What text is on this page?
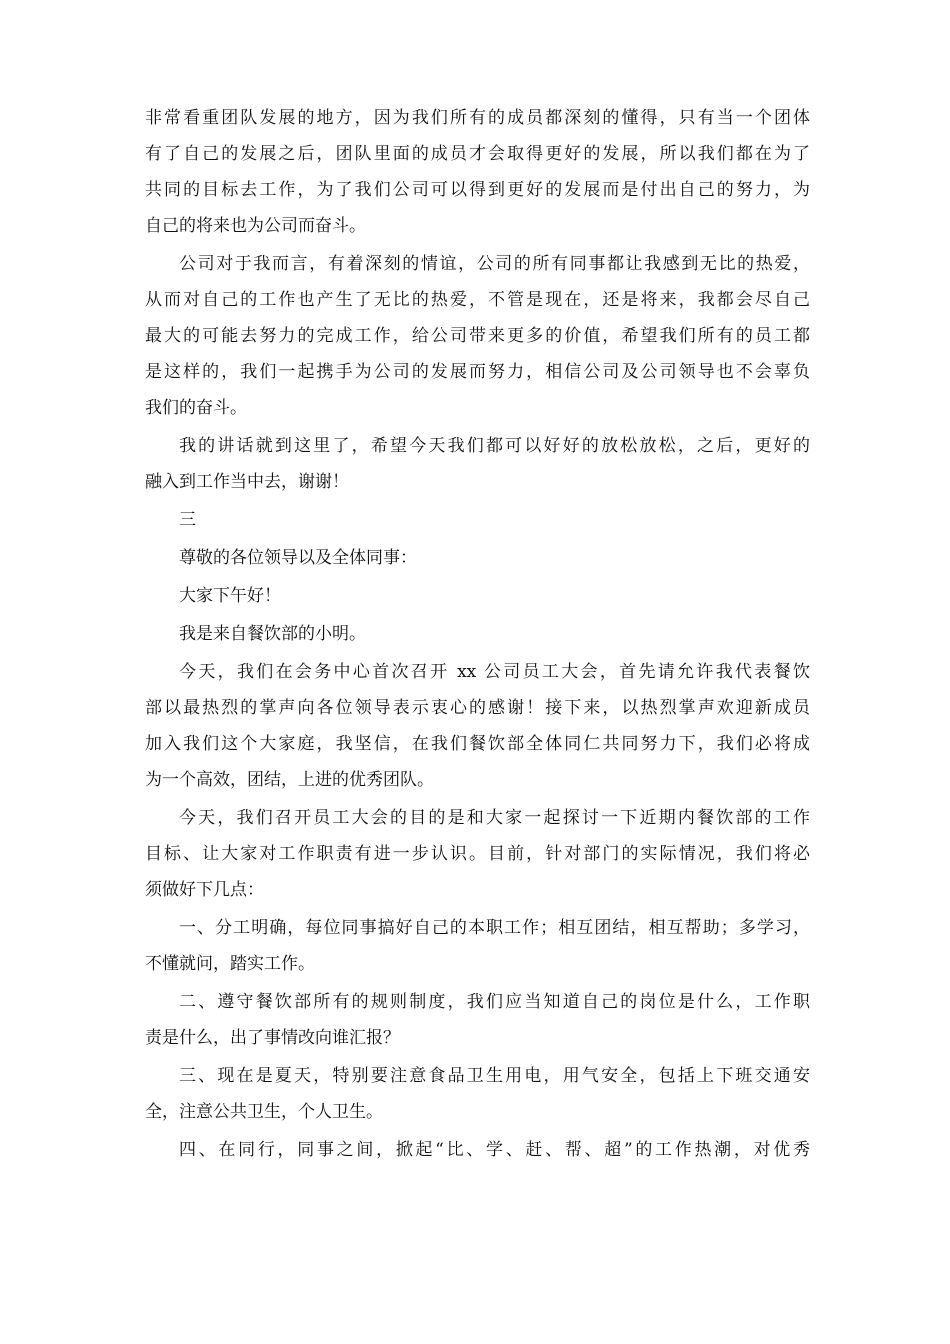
非常看重团队发展的地方，因为我们所有的成员都深刻的懂得，只有当一个团体
有了自己的发展之后，团队里面的成员才会取得更好的发展，所以我们都在为了
共同的目标去工作，为了我们公司可以得到更好的发展而是付出自己的努力，为
自己的将来也为公司而奋斗。
公司对于我而言，有着深刻的情谊，公司的所有同事都让我感到无比的热爱，
从而对自己的工作也产生了无比的热爱，不管是现在，还是将来，我都会尽自己
最大的可能去努力的完成工作，给公司带来更多的价值，希望我们所有的员工都
是这样的，我们一起携手为公司的发展而努力，相信公司及公司领导也不会辜负
我们的奋斗。
我的讲话就到这里了，希望今天我们都可以好好的放松放松，之后，更好的
融入到工作当中去，谢谢！
三
尊敬的各位领导以及全体同事：
大家下午好！
我是来自餐饮部的小明。
今天，我们在会务中心首次召开 xx 公司员工大会，首先请允许我代表餐饮
部以最热烈的掌声向各位领导表示衷心的感谢！接下来，以热烈掌声欢迎新成员
加入我们这个大家庭，我坚信，在我们餐饮部全体同仁共同努力下，我们必将成
为一个高效，团结，上进的优秀团队。
今天，我们召开员工大会的目的是和大家一起探讨一下近期内餐饮部的工作
目标、让大家对工作职责有进一步认识。目前，针对部门的实际情况，我们将必
须做好下几点：
一、分工明确，每位同事搞好自己的本职工作；相互团结，相互帮助；多学习，
不懂就问，踏实工作。
二、遵守餐饮部所有的规则制度，我们应当知道自己的岗位是什么，工作职
责是什么，出了事情改向谁汇报？
三、现在是夏天，特别要注意食品卫生用电，用气安全，包括上下班交通安
全，注意公共卫生，个人卫生。
四、在同行，同事之间，掀起“比、学、赶、帮、超”的工作热潮，对优秀
